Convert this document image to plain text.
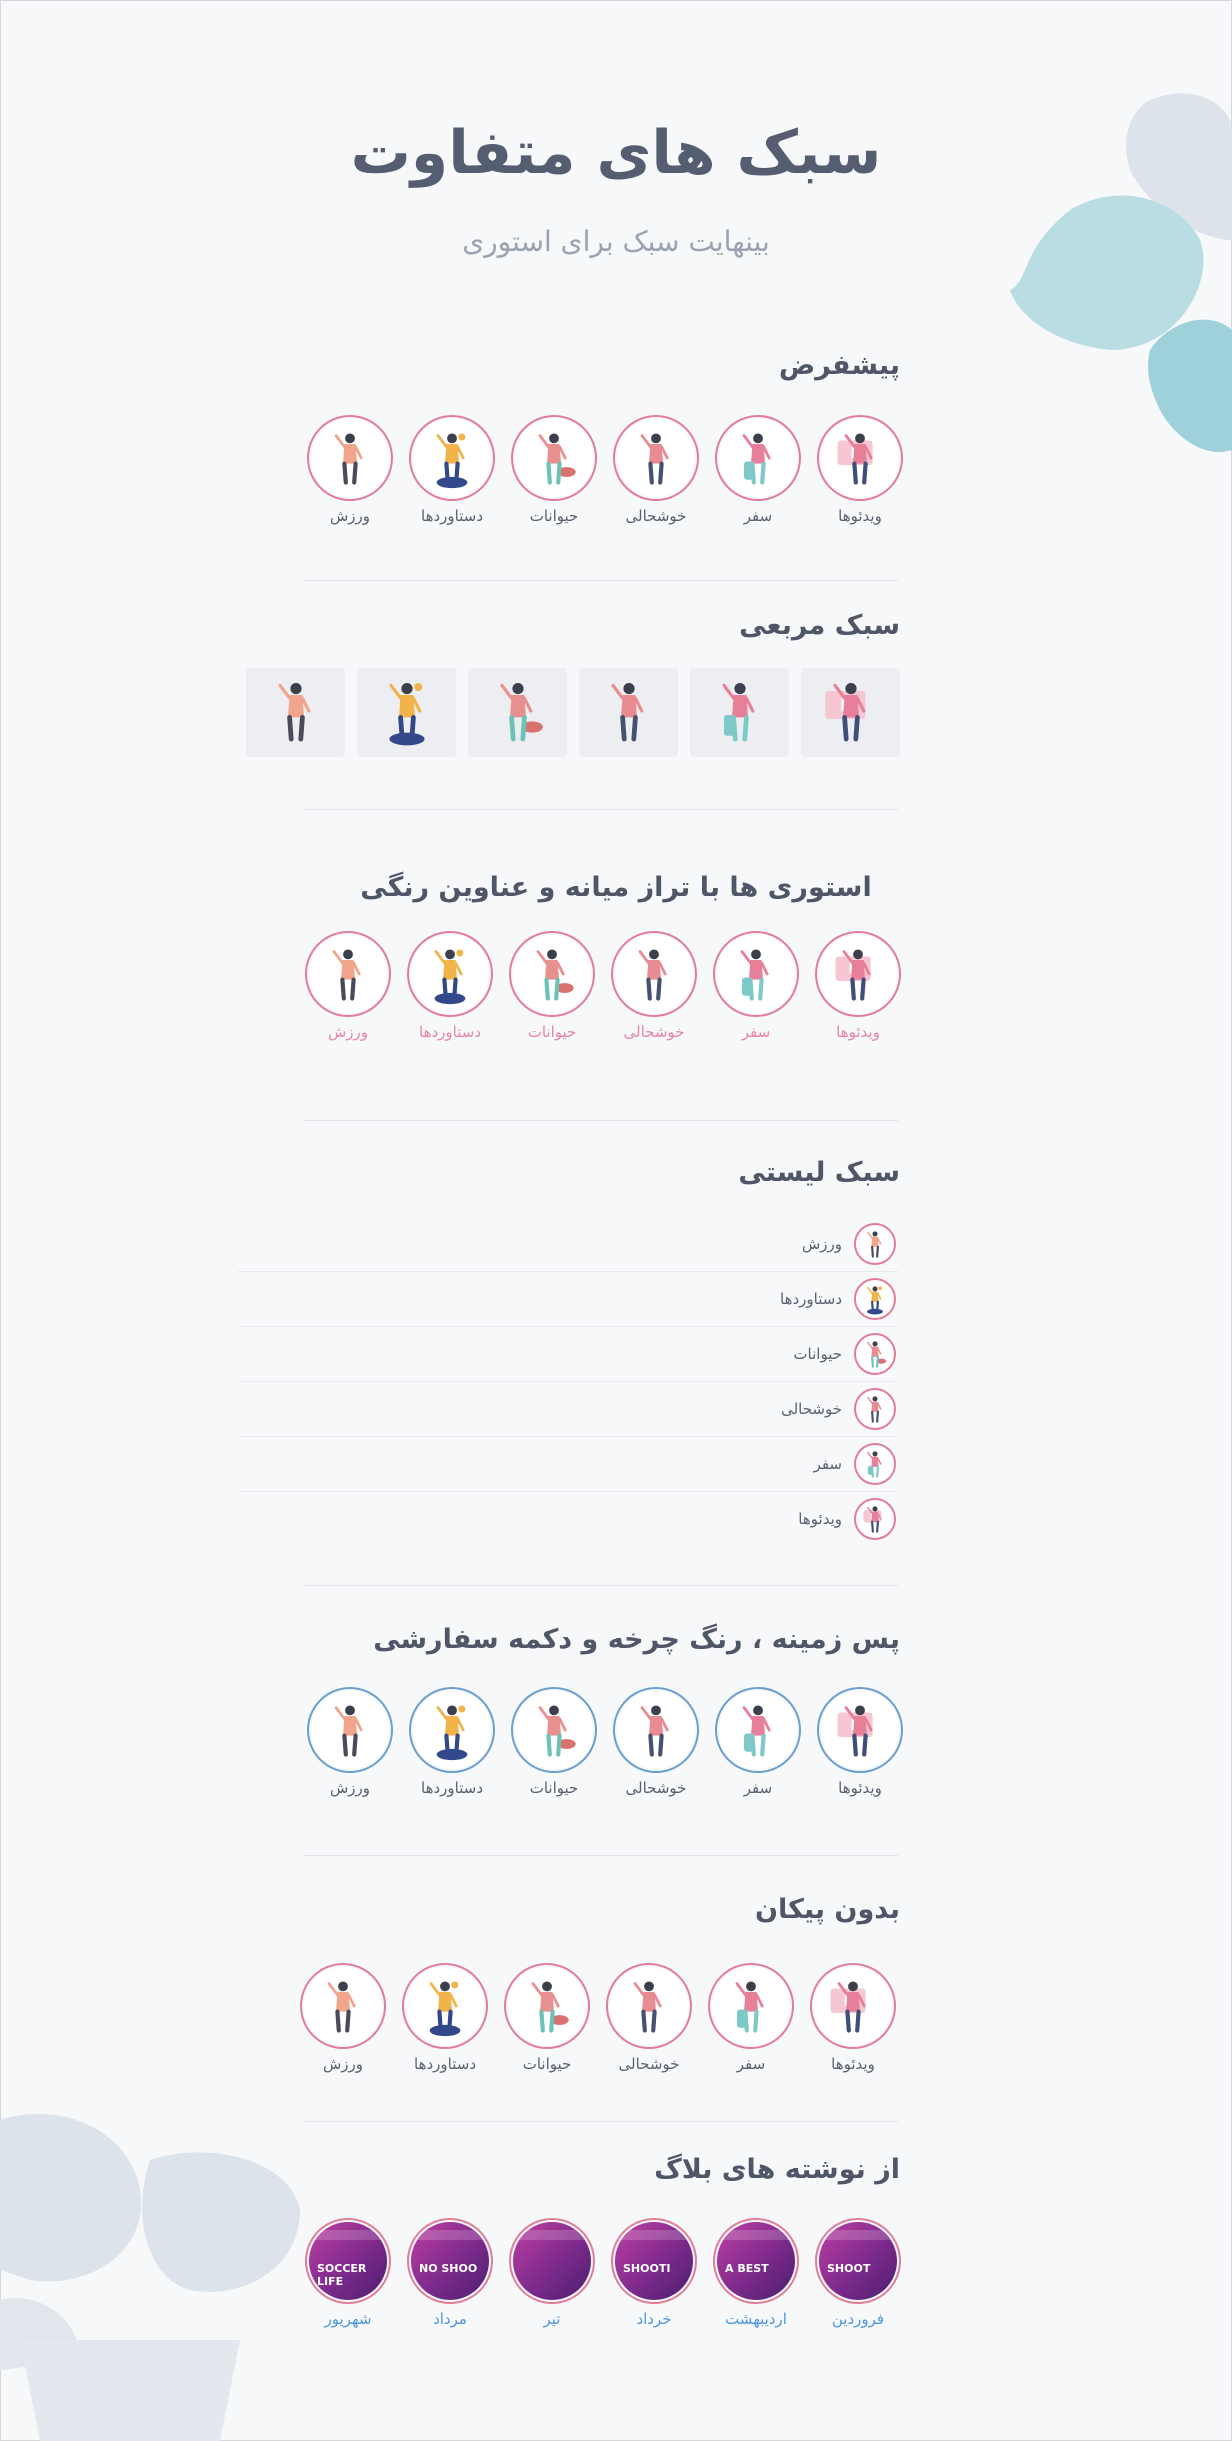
سبک های متفاوت
بینهایت سبک برای استوری
پیشفرض
ویدئوها
سفر
خوشحالی
حیوانات
دستاوردها
ورزش
سبک مربعی
استوری ها با تراز میانه و عناوین رنگی
ویدئوها
سفر
خوشحالی
حیوانات
دستاوردها
ورزش
سبک لیستی
ورزش
دستاوردها
حیوانات
خوشحالی
سفر
ویدئوها
پس زمینه ، رنگ چرخه و دکمه سفارشی
ویدئوها
سفر
خوشحالی
حیوانات
دستاوردها
ورزش
بدون پیکان
ویدئوها
سفر
خوشحالی
حیوانات
دستاوردها
ورزش
از نوشته های بلاگ
SHOOT
فروردین
A BEST
اردیبهشت
SHOOTI
خرداد
تیر
NO SHOO
مرداد
SOCCER LIFE
شهریور
